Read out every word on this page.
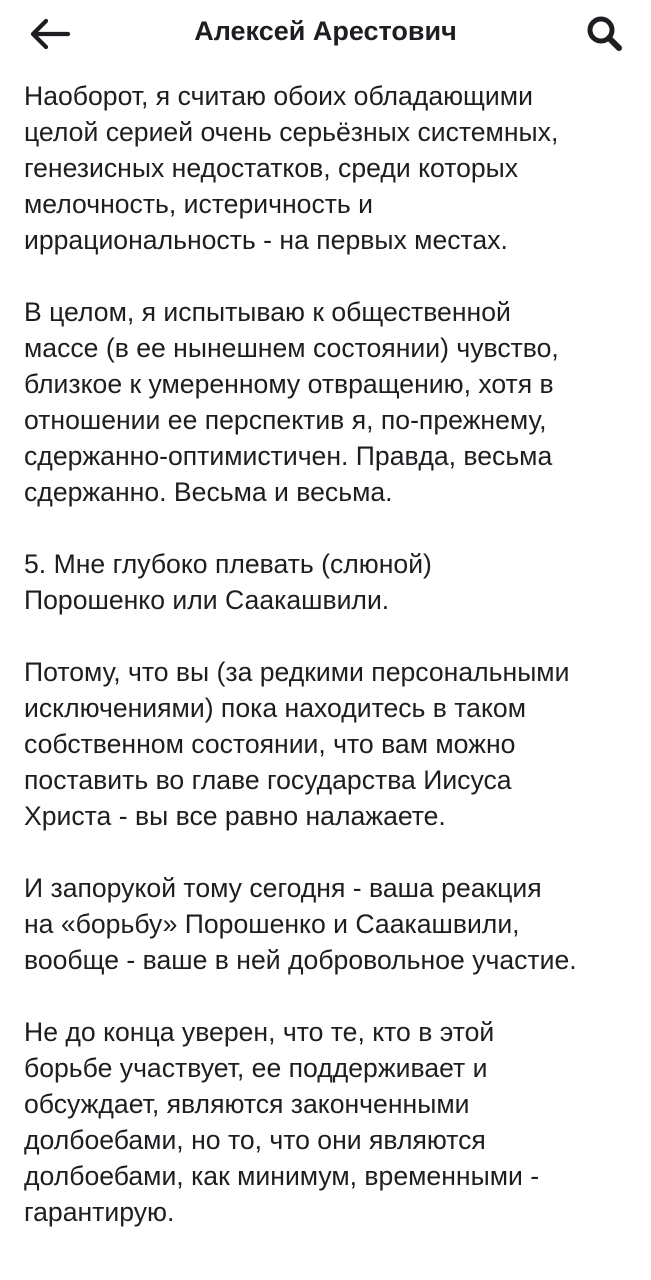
Алексей Арестович

Наоборот, я считаю обоих обладающими
целой серией очень серьёзных системных,
генезисных недостатков, среди которых
мелочность, истеричность и
иррациональность - на первых местах.

В целом, я испытываю к общественной
массе (в ее нынешнем состоянии) чувство,
близкое к умеренному отвращению, хотя в
отношении ее перспектив я, по-прежнему,
сдержанно-оптимистичен. Правда, весьма
сдержанно. Весьма и весьма.

5. Мне глубоко плевать (слюной)
Порошенко или Саакашвили.

Потому, что вы (за редкими персональными
исключениями) пока находитесь в таком
собственном состоянии, что вам можно
поставить во главе государства Иисуса
Христа - вы все равно налажаете.

И запорукой тому сегодня - ваша реакция
на «борьбу» Порошенко и Саакашвили,
вообще - ваше в ней добровольное участие.

Не до конца уверен, что те, кто в этой
борьбе участвует, ее поддерживает и
обсуждает, являются законченными
долбоебами, но то, что они являются
долбоебами, как минимум, временными -
гарантирую.
